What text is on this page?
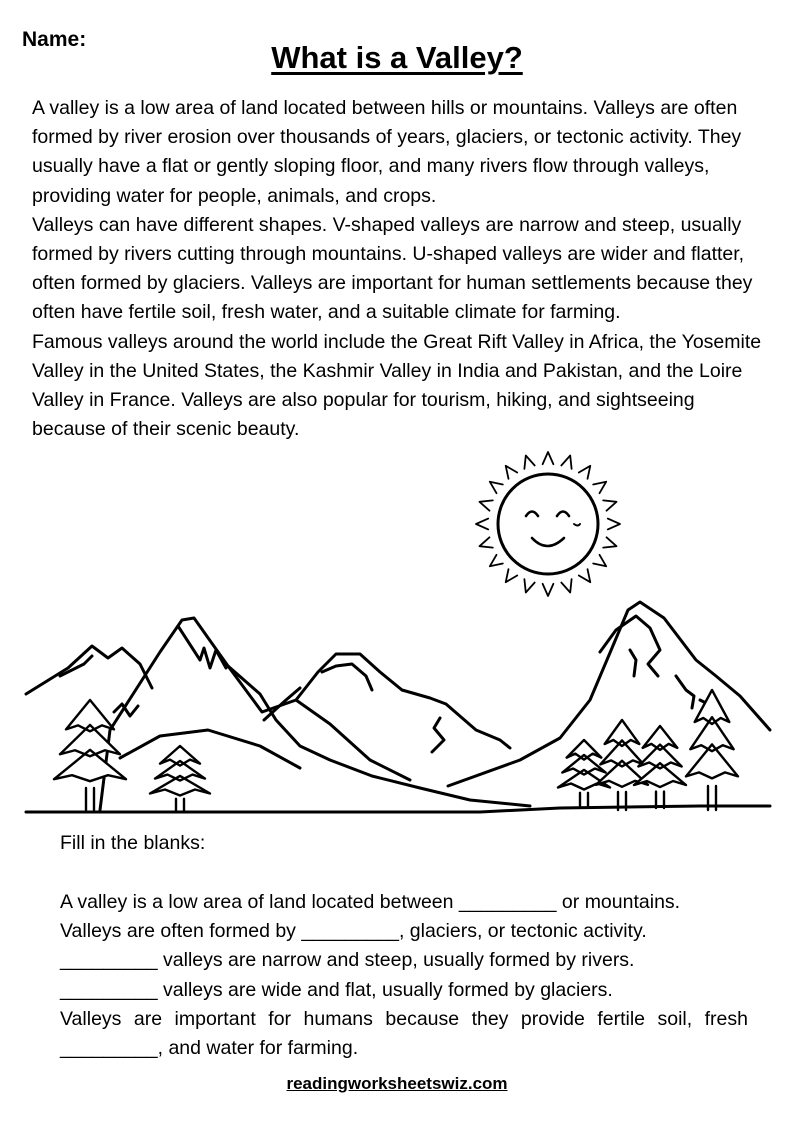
Name:
What is a Valley?

A valley is a low area of land located between hills or mountains. Valleys are often formed by river erosion over thousands of years, glaciers, or tectonic activity. They usually have a flat or gently sloping floor, and many rivers flow through valleys, providing water for people, animals, and crops.

Valleys can have different shapes. V-shaped valleys are narrow and steep, usually formed by rivers cutting through mountains. U-shaped valleys are wider and flatter, often formed by glaciers. Valleys are important for human settlements because they often have fertile soil, fresh water, and a suitable climate for farming.

Famous valleys around the world include the Great Rift Valley in Africa, the Yosemite Valley in the United States, the Kashmir Valley in India and Pakistan, and the Loire Valley in France. Valleys are also popular for tourism, hiking, and sightseeing because of their scenic beauty.

Fill in the blanks:

A valley is a low area of land located between _________ or mountains.

Valleys are often formed by _________, glaciers, or tectonic activity.

_________ valleys are narrow and steep, usually formed by rivers.

_________ valleys are wide and flat, usually formed by glaciers.

Valleys are important for humans because they provide fertile soil, fresh

_________, and water for farming.

readingworksheetswiz.com
